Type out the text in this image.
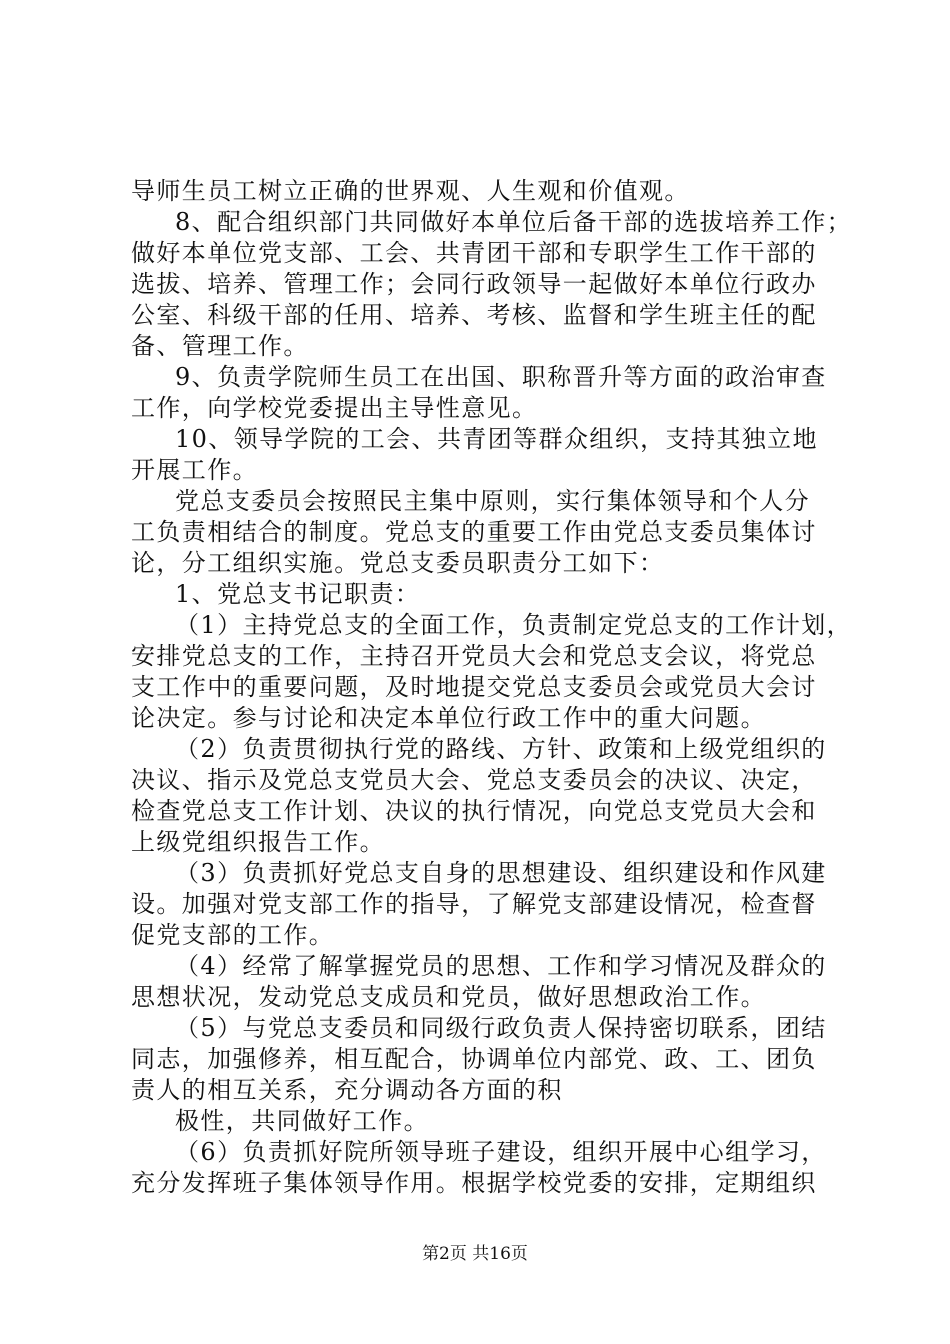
导师生员工树立正确的世界观、人生观和价值观。
8、配合组织部门共同做好本单位后备干部的选拔培养工作；
做好本单位党支部、工会、共青团干部和专职学生工作干部的
选拔、培养、管理工作；会同行政领导一起做好本单位行政办
公室、科级干部的任用、培养、考核、监督和学生班主任的配
备、管理工作。
9、负责学院师生员工在出国、职称晋升等方面的政治审查
工作，向学校党委提出主导性意见。
10、领导学院的工会、共青团等群众组织，支持其独立地
开展工作。
党总支委员会按照民主集中原则，实行集体领导和个人分
工负责相结合的制度。党总支的重要工作由党总支委员集体讨
论，分工组织实施。党总支委员职责分工如下：
1、党总支书记职责：
（1）主持党总支的全面工作，负责制定党总支的工作计划，
安排党总支的工作，主持召开党员大会和党总支会议，将党总
支工作中的重要问题，及时地提交党总支委员会或党员大会讨
论决定。参与讨论和决定本单位行政工作中的重大问题。
（2）负责贯彻执行党的路线、方针、政策和上级党组织的
决议、指示及党总支党员大会、党总支委员会的决议、决定，
检查党总支工作计划、决议的执行情况，向党总支党员大会和
上级党组织报告工作。
（3）负责抓好党总支自身的思想建设、组织建设和作风建
设。加强对党支部工作的指导，了解党支部建设情况，检查督
促党支部的工作。
（4）经常了解掌握党员的思想、工作和学习情况及群众的
思想状况，发动党总支成员和党员，做好思想政治工作。
（5）与党总支委员和同级行政负责人保持密切联系，团结
同志，加强修养，相互配合，协调单位内部党、政、工、团负
责人的相互关系，充分调动各方面的积
极性，共同做好工作。
（6）负责抓好院所领导班子建设，组织开展中心组学习，
充分发挥班子集体领导作用。根据学校党委的安排，定期组织
第2页 共16页
